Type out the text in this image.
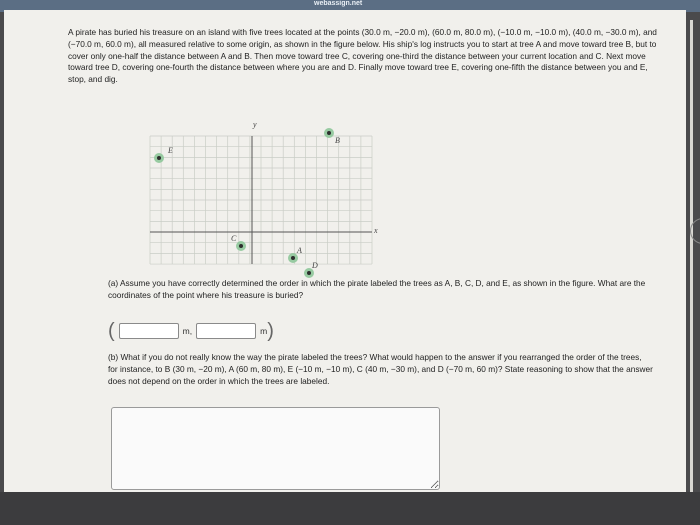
webassign.net
A pirate has buried his treasure on an island with five trees located at the points (30.0 m, −20.0 m), (60.0 m, 80.0 m), (−10.0 m, −10.0 m), (40.0 m, −30.0 m), and (−70.0 m, 60.0 m), all measured relative to some origin, as shown in the figure below. His ship's log instructs you to start at tree A and move toward tree B, but to cover only one-half the distance between A and B. Then move toward tree C, covering one-third the distance between your current location and C. Next move toward tree D, covering one-fourth the distance between where you are and D. Finally move toward tree E, covering one-fifth the distance between you and E, stop, and dig.
y
x
E
B
C
A
D
(a) Assume you have correctly determined the order in which the pirate labeled the trees as A, B, C, D, and E, as shown in the figure. What are the coordinates of the point where his treasure is buried?
(	m,	m )
(b) What if you do not really know the way the pirate labeled the trees? What would happen to the answer if you rearranged the order of the trees, for instance, to B (30 m, −20 m), A (60 m, 80 m), E (−10 m, −10 m), C (40 m, −30 m), and D (−70 m, 60 m)? State reasoning to show that the answer does not depend on the order in which the trees are labeled.
